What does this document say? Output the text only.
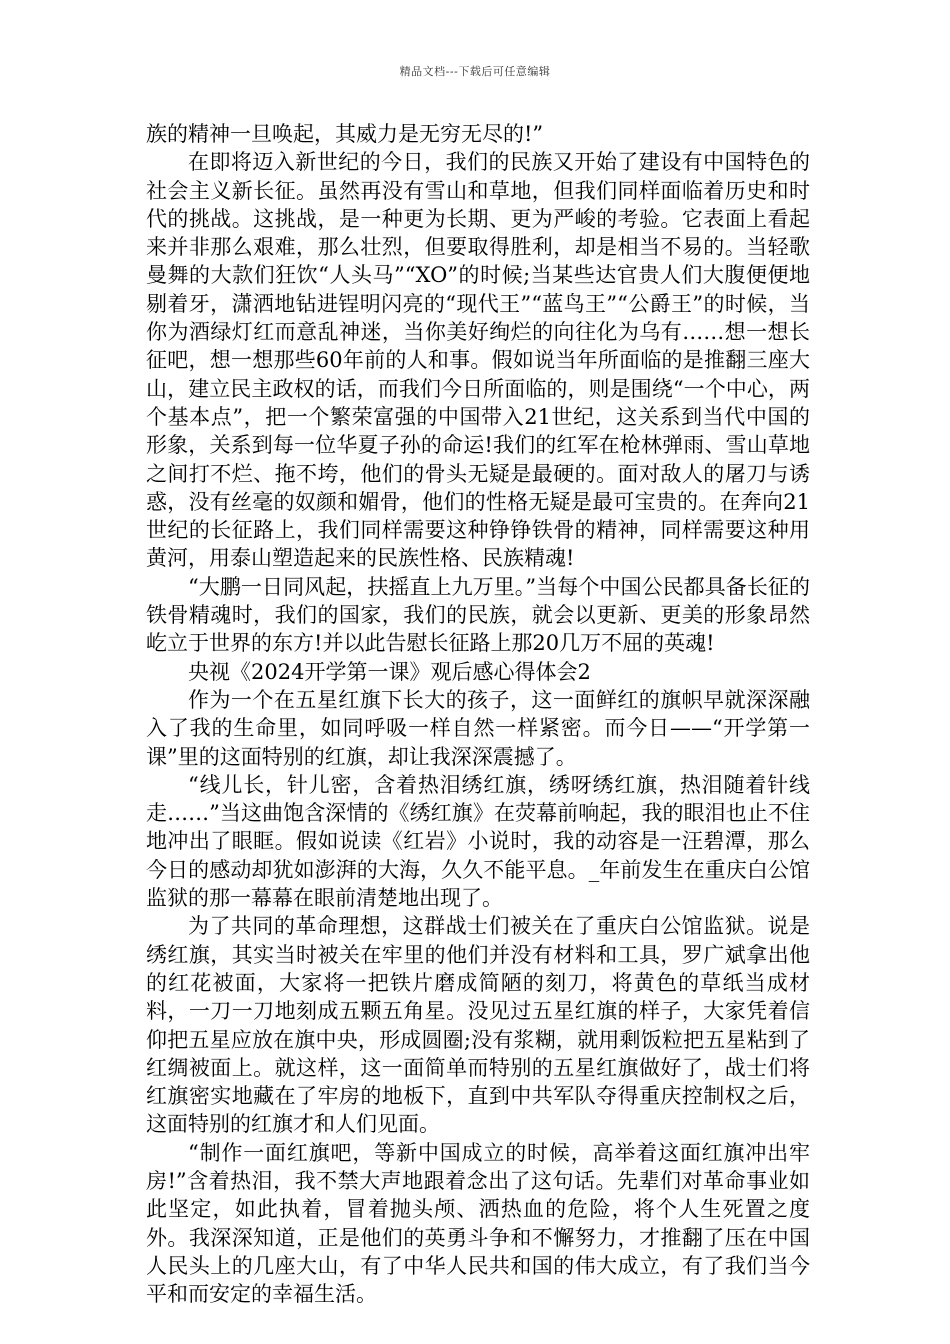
精品文档---下载后可任意编辑

族的精神一旦唤起，其威力是无穷无尽的!”

在即将迈入新世纪的今日，我们的民族又开始了建设有中国特色的社会主义新长征。虽然再没有雪山和草地，但我们同样面临着历史和时代的挑战。这挑战，是一种更为长期、更为严峻的考验。它表面上看起来并非那么艰难，那么壮烈，但要取得胜利，却是相当不易的。当轻歌曼舞的大款们狂饮“人头马”“XO”的时候;当某些达官贵人们大腹便便地剔着牙，潇洒地钻进锃明闪亮的“现代王”“蓝鸟王”“公爵王”的时候，当你为酒绿灯红而意乱神迷，当你美好绚烂的向往化为乌有……想一想长征吧，想一想那些60年前的人和事。假如说当年所面临的是推翻三座大山，建立民主政权的话，而我们今日所面临的，则是围绕“一个中心，两个基本点”，把一个繁荣富强的中国带入21世纪，这关系到当代中国的形象，关系到每一位华夏子孙的命运!我们的红军在枪林弹雨、雪山草地之间打不烂、拖不垮，他们的骨头无疑是最硬的。面对敌人的屠刀与诱惑，没有丝毫的奴颜和媚骨，他们的性格无疑是最可宝贵的。在奔向21世纪的长征路上，我们同样需要这种铮铮铁骨的精神，同样需要这种用黄河，用泰山塑造起来的民族性格、民族精魂!

“大鹏一日同风起，扶摇直上九万里。”当每个中国公民都具备长征的铁骨精魂时，我们的国家，我们的民族，就会以更新、更美的形象昂然屹立于世界的东方!并以此告慰长征路上那20几万不屈的英魂!

央视《2024开学第一课》观后感心得体会2

作为一个在五星红旗下长大的孩子，这一面鲜红的旗帜早就深深融入了我的生命里，如同呼吸一样自然一样紧密。而今日——“开学第一课”里的这面特别的红旗，却让我深深震撼了。

“线儿长，针儿密，含着热泪绣红旗，绣呀绣红旗，热泪随着针线走……”当这曲饱含深情的《绣红旗》在荧幕前响起，我的眼泪也止不住地冲出了眼眶。假如说读《红岩》小说时，我的动容是一汪碧潭，那么今日的感动却犹如澎湃的大海，久久不能平息。_年前发生在重庆白公馆监狱的那一幕幕在眼前清楚地出现了。

为了共同的革命理想，这群战士们被关在了重庆白公馆监狱。说是绣红旗，其实当时被关在牢里的他们并没有材料和工具，罗广斌拿出他的红花被面，大家将一把铁片磨成简陋的刻刀，将黄色的草纸当成材料，一刀一刀地刻成五颗五角星。没见过五星红旗的样子，大家凭着信仰把五星应放在旗中央，形成圆圈;没有浆糊，就用剩饭粒把五星粘到了红绸被面上。就这样，这一面简单而特别的五星红旗做好了，战士们将红旗密实地藏在了牢房的地板下，直到中共军队夺得重庆控制权之后，这面特别的红旗才和人们见面。

“制作一面红旗吧，等新中国成立的时候，高举着这面红旗冲出牢房!”含着热泪，我不禁大声地跟着念出了这句话。先辈们对革命事业如此坚定，如此执着，冒着抛头颅、洒热血的危险，将个人生死置之度外。我深深知道，正是他们的英勇斗争和不懈努力，才推翻了压在中国人民头上的几座大山，有了中华人民共和国的伟大成立，有了我们当今平和而安定的幸福生活。
